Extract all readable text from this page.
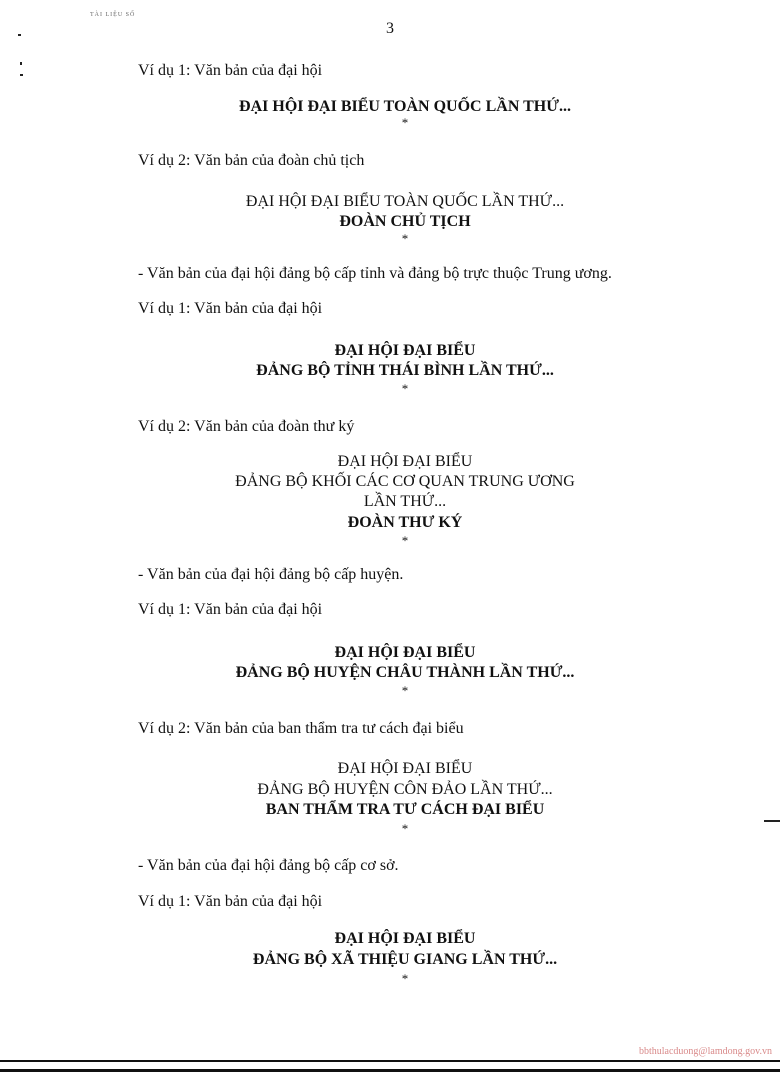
TÀI LIỆU SỐ
3
Ví dụ 1: Văn bản của đại hội
ĐẠI HỘI ĐẠI BIỂU TOÀN QUỐC LẦN THỨ...
*
Ví dụ 2: Văn bản của đoàn chủ tịch
ĐẠI HỘI ĐẠI BIỂU TOÀN QUỐC LẦN THỨ...
ĐOÀN CHỦ TỊCH
*
- Văn bản của đại hội đảng bộ cấp tỉnh và đảng bộ trực thuộc Trung ương.
Ví dụ 1: Văn bản của đại hội
ĐẠI HỘI ĐẠI BIỂU
ĐẢNG BỘ TỈNH THÁI BÌNH LẦN THỨ...
*
Ví dụ 2: Văn bản của đoàn thư ký
ĐẠI HỘI ĐẠI BIỂU
ĐẢNG BỘ KHỐI CÁC CƠ QUAN TRUNG ƯƠNG
LẦN THỨ...
ĐOÀN THƯ KÝ
*
- Văn bản của đại hội đảng bộ cấp huyện.
Ví dụ 1: Văn bản của đại hội
ĐẠI HỘI ĐẠI BIỂU
ĐẢNG BỘ HUYỆN CHÂU THÀNH LẦN THỨ...
*
Ví dụ 2: Văn bản của ban thẩm tra tư cách đại biểu
ĐẠI HỘI ĐẠI BIỂU
ĐẢNG BỘ HUYỆN CÔN ĐẢO LẦN THỨ...
BAN THẨM TRA TƯ CÁCH ĐẠI BIỂU
*
- Văn bản của đại hội đảng bộ cấp cơ sở.
Ví dụ 1: Văn bản của đại hội
ĐẠI HỘI ĐẠI BIỂU
ĐẢNG BỘ XÃ THIỆU GIANG LẦN THỨ...
*
bbthulacduong@lamdong.gov.vn
